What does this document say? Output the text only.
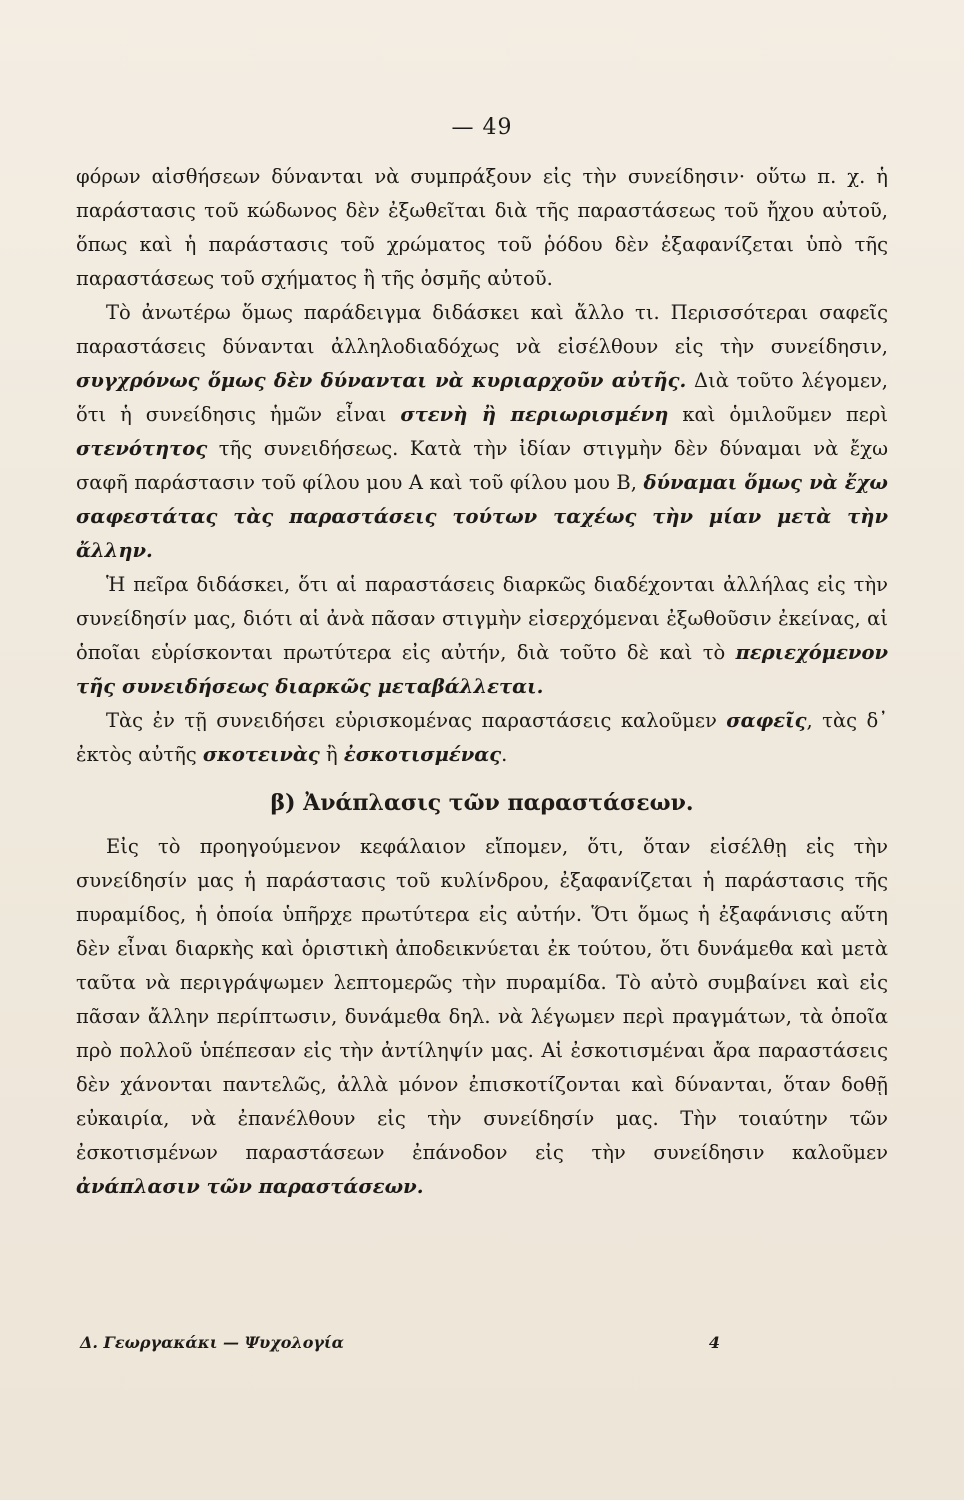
— 49

φόρων αἰσθήσεων δύνανται νὰ συμπράξουν εἰς τὴν συνείδησιν· οὕτω π. χ. ἡ παράστασις τοῦ κώδωνος δὲν ἐξωθεῖται διὰ τῆς παραστάσεως τοῦ ἤχου αὐτοῦ, ὅπως καὶ ἡ παράστασις τοῦ χρώματος τοῦ ῥόδου δὲν ἐξαφανίζεται ὑπὸ τῆς παραστάσεως τοῦ σχήματος ἢ τῆς ὀσμῆς αὐτοῦ.

Τὸ ἀνωτέρω ὅμως παράδειγμα διδάσκει καὶ ἄλλο τι. Περισσότεραι σαφεῖς παραστάσεις δύνανται ἀλληλοδιαδόχως νὰ εἰσέλθουν εἰς τὴν συνείδησιν, συγχρόνως ὅμως δὲν δύνανται νὰ κυριαρχοῦν αὐτῆς. Διὰ τοῦτο λέγομεν, ὅτι ἡ συνείδησις ἡμῶν εἶναι στενὴ ἢ περιωρισμένη καὶ ὁμιλοῦμεν περὶ στενότητος τῆς συνειδήσεως. Κατὰ τὴν ἰδίαν στιγμὴν δὲν δύναμαι νὰ ἔχω σαφῆ παράστασιν τοῦ φίλου μου Α καὶ τοῦ φίλου μου Β, δύναμαι ὅμως νὰ ἔχω σαφεστάτας τὰς παραστάσεις τούτων ταχέως τὴν μίαν μετὰ τὴν ἄλλην.

Ἡ πεῖρα διδάσκει, ὅτι αἱ παραστάσεις διαρκῶς διαδέχονται ἀλλήλας εἰς τὴν συνείδησίν μας, διότι αἱ ἀνὰ πᾶσαν στιγμὴν εἰσερχόμεναι ἐξωθοῦσιν ἐκείνας, αἱ ὁποῖαι εὑρίσκονται πρωτύτερα εἰς αὐτήν, διὰ τοῦτο δὲ καὶ τὸ περιεχόμενον τῆς συνειδήσεως διαρκῶς μεταβάλλεται.

Τὰς ἐν τῇ συνειδήσει εὑρισκομένας παραστάσεις καλοῦμεν σαφεῖς, τὰς δ᾽ ἐκτὸς αὐτῆς σκοτεινὰς ἢ ἐσκοτισμένας.

β) Ἀνάπλασις τῶν παραστάσεων.

Εἰς τὸ προηγούμενον κεφάλαιον εἴπομεν, ὅτι, ὅταν εἰσέλθῃ εἰς τὴν συνείδησίν μας ἡ παράστασις τοῦ κυλίνδρου, ἐξαφανίζεται ἡ παράστασις τῆς πυραμίδος, ἡ ὁποία ὑπῆρχε πρωτύτερα εἰς αὐτήν. Ὅτι ὅμως ἡ ἐξαφάνισις αὕτη δὲν εἶναι διαρκὴς καὶ ὁριστικὴ ἀποδεικνύεται ἐκ τούτου, ὅτι δυνάμεθα καὶ μετὰ ταῦτα νὰ περιγράψωμεν λεπτομερῶς τὴν πυραμίδα. Τὸ αὐτὸ συμβαίνει καὶ εἰς πᾶσαν ἄλλην περίπτωσιν, δυνάμεθα δηλ. νὰ λέγωμεν περὶ πραγμάτων, τὰ ὁποῖα πρὸ πολλοῦ ὑπέπεσαν εἰς τὴν ἀντίληψίν μας. Αἱ ἐσκοτισμέναι ἄρα παραστάσεις δὲν χάνονται παντελῶς, ἀλλὰ μόνον ἐπισκοτίζονται καὶ δύνανται, ὅταν δοθῇ εὐκαιρία, νὰ ἐπανέλθουν εἰς τὴν συνείδησίν μας. Τὴν τοιαύτην τῶν ἐσκοτισμένων παραστάσεων ἐπάνοδον εἰς τὴν συνείδησιν καλοῦμεν ἀνάπλασιν τῶν παραστάσεων.

Δ. Γεωργακάκι — Ψυχολογία	4
